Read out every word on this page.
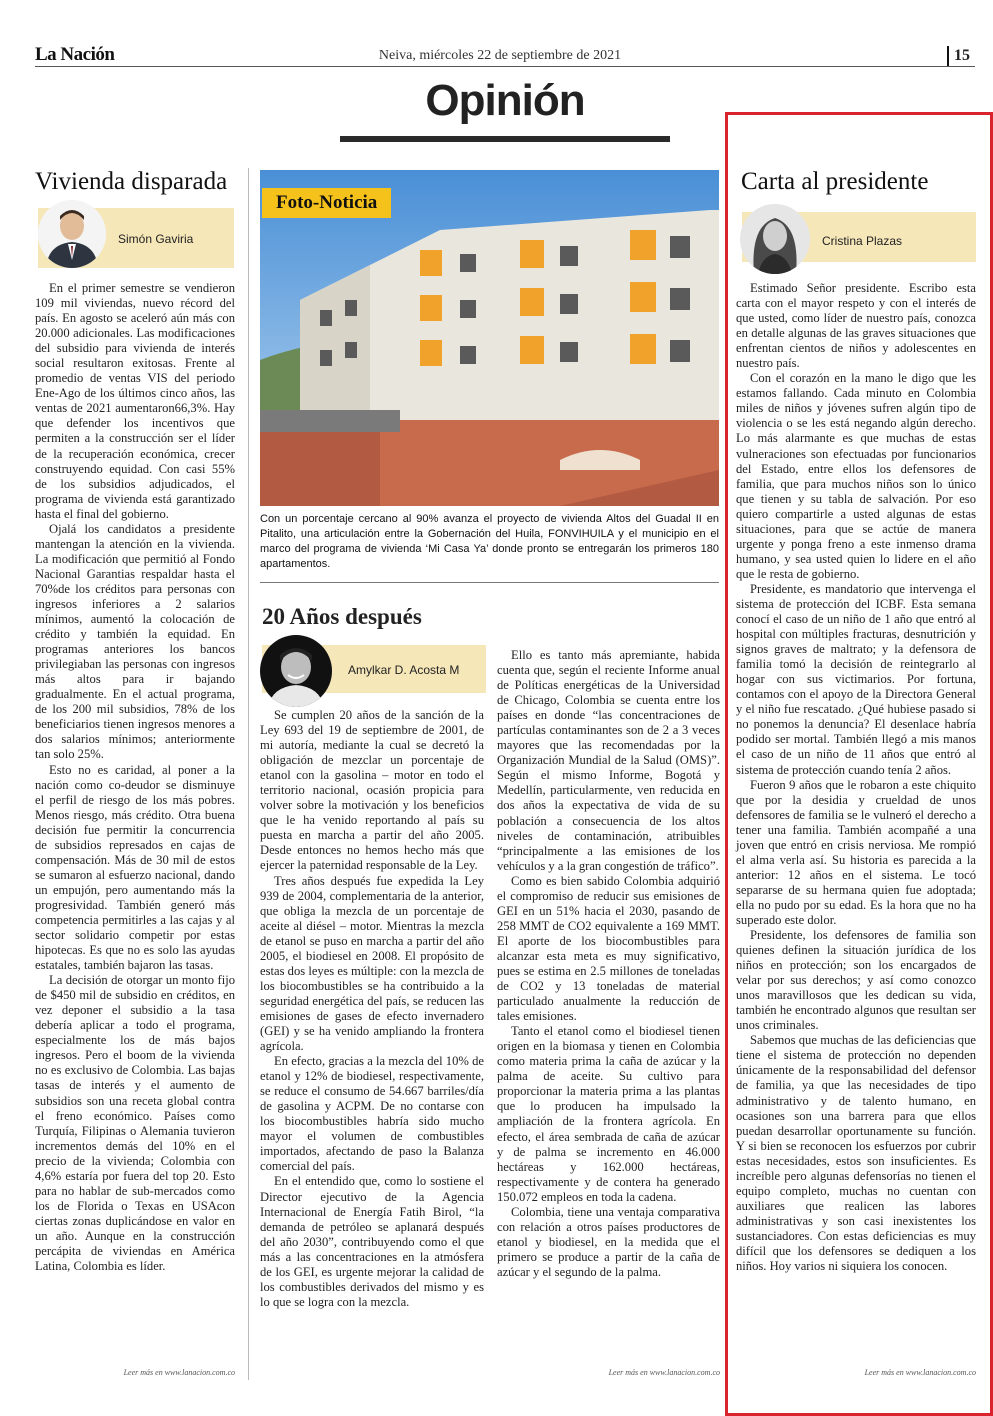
La Nación	Neiva, miércoles 22 de septiembre de 2021	15
Opinión
Vivienda disparada
Simón Gaviria

En el primer semestre se vendieron 109 mil viviendas, nuevo récord del país. En agosto se aceleró aún más con 20.000 adicionales. Las modificaciones del subsidio para vivienda de interés social resultaron exitosas. Frente al promedio de ventas VIS del periodo Ene-Ago de los últimos cinco años, las ventas de 2021 aumentaron66,3%. Hay que defender los incentivos que permiten a la construcción ser el líder de la recuperación económica, crecer construyendo equidad. Con casi 55% de los subsidios adjudicados, el programa de vivienda está garantizado hasta el final del gobierno.

Ojalá los candidatos a presidente mantengan la atención en la vivienda. La modificación que permitió al Fondo Nacional Garantias respaldar hasta el 70%de los créditos para personas con ingresos inferiores a 2 salarios mínimos, aumentó la colocación de crédito y también la equidad. En programas anteriores los bancos privilegiaban las personas con ingresos más altos para ir bajando gradualmente. En el actual programa, de los 200 mil subsidios, 78% de los beneficiarios tienen ingresos menores a dos salarios mínimos; anteriormente tan solo 25%.

Esto no es caridad, al poner a la nación como co-deudor se disminuye el perfil de riesgo de los más pobres. Menos riesgo, más crédito. Otra buena decisión fue permitir la concurrencia de subsidios represados en cajas de compensación. Más de 30 mil de estos se sumaron al esfuerzo nacional, dando un empujón, pero aumentando más la progresividad. También generó más competencia permitirles a las cajas y al sector solidario competir por estas hipotecas. Es que no es solo las ayudas estatales, también bajaron las tasas.

La decisión de otorgar un monto fijo de $450 mil de subsidio en créditos, en vez deponer el subsidio a la tasa debería aplicar a todo el programa, especialmente los de más bajos ingresos. Pero el boom de la vivienda no es exclusivo de Colombia. Las bajas tasas de interés y el aumento de subsidios son una receta global contra el freno económico. Países como Turquía, Filipinas o Alemania tuvieron incrementos demás del 10% en el precio de la vivienda; Colombia con 4,6% estaría por fuera del top 20. Esto para no hablar de sub-mercados como los de Florida o Texas en USAcon ciertas zonas duplicándose en valor en un año. Aunque en la construcción percápita de viviendas en América Latina, Colombia es líder.

Leer más en www.lanacion.com.co
Foto-Noticia
Con un porcentaje cercano al 90% avanza el proyecto de vivienda Altos del Guadal II en Pitalito, una articulación entre la Gobernación del Huila, FONVIHUILA y el municipio en el marco del programa de vivienda ‘Mi Casa Ya’ donde pronto se entregarán los primeros 180 apartamentos.
20 Años después
Amylkar D. Acosta M

Se cumplen 20 años de la sanción de la Ley 693 del 19 de septiembre de 2001, de mi autoría, mediante la cual se decretó la obligación de mezclar un porcentaje de etanol con la gasolina – motor en todo el territorio nacional, ocasión propicia para volver sobre la motivación y los beneficios que le ha venido reportando al país su puesta en marcha a partir del año 2005. Desde entonces no hemos hecho más que ejercer la paternidad responsable de la Ley.

Tres años después fue expedida la Ley 939 de 2004, complementaria de la anterior, que obliga la mezcla de un porcentaje de aceite al diésel – motor. Mientras la mezcla de etanol se puso en marcha a partir del año 2005, el biodiesel en 2008. El propósito de estas dos leyes es múltiple: con la mezcla de los biocombustibles se ha contribuido a la seguridad energética del país, se reducen las emisiones de gases de efecto invernadero (GEI) y se ha venido ampliando la frontera agrícola.

En efecto, gracias a la mezcla del 10% de etanol y 12% de biodiesel, respectivamente, se reduce el consumo de 54.667 barriles/día de gasolina y ACPM. De no contarse con los biocombustibles habría sido mucho mayor el volumen de combustibles importados, afectando de paso la Balanza comercial del país.

En el entendido que, como lo sostiene el Director ejecutivo de la Agencia Internacional de Energía Fatih Birol, “la demanda de petróleo se aplanará después del año 2030”, contribuyendo como el que más a las concentraciones en la atmósfera de los GEI, es urgente mejorar la calidad de los combustibles derivados del mismo y es lo que se logra con la mezcla.

Ello es tanto más apremiante, habida cuenta que, según el reciente Informe anual de Políticas energéticas de la Universidad de Chicago, Colombia se cuenta entre los países en donde “las concentraciones de partículas contaminantes son de 2 a 3 veces mayores que las recomendadas por la Organización Mundial de la Salud (OMS)”. Según el mismo Informe, Bogotá y Medellín, particularmente, ven reducida en dos años la expectativa de vida de su población a consecuencia de los altos niveles de contaminación, atribuibles “principalmente a las emisiones de los vehículos y a la gran congestión de tráfico”.

Como es bien sabido Colombia adquirió el compromiso de reducir sus emisiones de GEI en un 51% hacia el 2030, pasando de 258 MMT de CO2 equivalente a 169 MMT. El aporte de los biocombustibles para alcanzar esta meta es muy significativo, pues se estima en 2.5 millones de toneladas de CO2 y 13 toneladas de material particulado anualmente la reducción de tales emisiones.

Tanto el etanol como el biodiesel tienen origen en la biomasa y tienen en Colombia como materia prima la caña de azúcar y la palma de aceite. Su cultivo para proporcionar la materia prima a las plantas que lo producen ha impulsado la ampliación de la frontera agrícola. En efecto, el área sembrada de caña de azúcar y de palma se incremento en 46.000 hectáreas y 162.000 hectáreas, respectivamente y de contera ha generado 150.072 empleos en toda la cadena.

Colombia, tiene una ventaja comparativa con relación a otros países productores de etanol y biodiesel, en la medida que el primero se produce a partir de la caña de azúcar y el segundo de la palma.

Leer más en www.lanacion.com.co
Carta al presidente
Cristina Plazas

Estimado Señor presidente. Escribo esta carta con el mayor respeto y con el interés de que usted, como líder de nuestro país, conozca en detalle algunas de las graves situaciones que enfrentan cientos de niños y adolescentes en nuestro país.

Con el corazón en la mano le digo que les estamos fallando. Cada minuto en Colombia miles de niños y jóvenes sufren algún tipo de violencia o se les está negando algún derecho. Lo más alarmante es que muchas de estas vulneraciones son efectuadas por funcionarios del Estado, entre ellos los defensores de familia, que para muchos niños son lo único que tienen y su tabla de salvación. Por eso quiero compartirle a usted algunas de estas situaciones, para que se actúe de manera urgente y ponga freno a este inmenso drama humano, y sea usted quien lo lidere en el año que le resta de gobierno.

Presidente, es mandatorio que intervenga el sistema de protección del ICBF. Esta semana conocí el caso de un niño de 1 año que entró al hospital con múltiples fracturas, desnutrición y signos graves de maltrato; y la defensora de familia tomó la decisión de reintegrarlo al hogar con sus victimarios. Por fortuna, contamos con el apoyo de la Directora General y el niño fue rescatado. ¿Qué hubiese pasado si no ponemos la denuncia? El desenlace habría podido ser mortal. También llegó a mis manos el caso de un niño de 11 años que entró al sistema de protección cuando tenía 2 años.

Fueron 9 años que le robaron a este chiquito que por la desidia y crueldad de unos defensores de familia se le vulneró el derecho a tener una familia. También acompañé a una joven que entró en crisis nerviosa. Me rompió el alma verla así. Su historia es parecida a la anterior: 12 años en el sistema. Le tocó separarse de su hermana quien fue adoptada; ella no pudo por su edad. Es la hora que no ha superado este dolor.

Presidente, los defensores de familia son quienes definen la situación jurídica de los niños en protección; son los encargados de velar por sus derechos; y así como conozco unos maravillosos que les dedican su vida, también he encontrado algunos que resultan ser unos criminales.

Sabemos que muchas de las deficiencias que tiene el sistema de protección no dependen únicamente de la responsabilidad del defensor de familia, ya que las necesidades de tipo administrativo y de talento humano, en ocasiones son una barrera para que ellos puedan desarrollar oportunamente su función. Y si bien se reconocen los esfuerzos por cubrir estas necesidades, estos son insuficientes. Es increíble pero algunas defensorías no tienen el equipo completo, muchas no cuentan con auxiliares que realicen las labores administrativas y son casi inexistentes los sustanciadores. Con estas deficiencias es muy difícil que los defensores se dediquen a los niños. Hoy varios ni siquiera los conocen.

Leer más en www.lanacion.com.co
